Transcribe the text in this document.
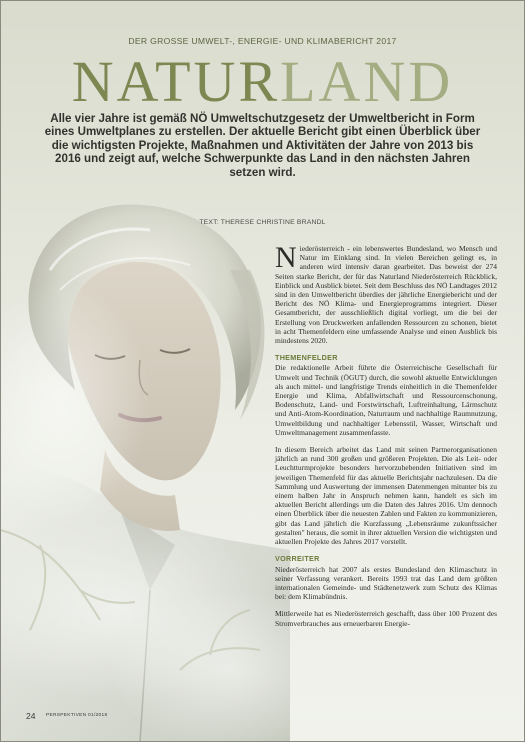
DER GROSSE UMWELT-, ENERGIE- UND KLIMABERICHT 2017
NATURLAND
Alle vier Jahre ist gemäß NÖ Umweltschutzgesetz der Umweltbericht in Form eines Umweltplanes zu erstellen. Der aktuelle Bericht gibt einen Überblick über die wichtigsten Projekte, Maßnahmen und Aktivitäten der Jahre von 2013 bis 2016 und zeigt auf, welche Schwerpunkte das Land in den nächsten Jahren setzen wird.
TEXT: THERESE CHRISTINE BRANDL

Niederösterreich - ein lebenswertes Bundesland, wo Mensch und Natur im Einklang sind. In vielen Bereichen gelingt es, in anderen wird intensiv daran gearbeitet. Das beweist der 274 Seiten starke Bericht, der für das Naturland Niederösterreich Rückblick, Einblick und Ausblick bietet. Seit dem Beschluss des NÖ Landtages 2012 sind in den Umweltbericht überdies der jährliche Energiebericht und der Bericht des NÖ Klima- und Energieprogramms integriert. Dieser Gesamtbericht, der ausschließlich digital vorliegt, um die bei der Erstellung von Druckwerken anfallenden Ressourcen zu schonen, bietet in acht Themenfeldern eine umfassende Analyse und einen Ausblick bis mindestens 2020.

THEMENFELDER

Die redaktionelle Arbeit führte die Österreichische Gesellschaft für Umwelt und Technik (ÖGUT) durch, die sowohl aktuelle Entwicklungen als auch mittel- und langfristige Trends einheitlich in die Themenfelder Energie und Klima, Abfallwirtschaft und Ressourcenschonung, Bodenschutz, Land- und Forstwirtschaft, Luftreinhaltung, Lärmschutz und Anti-Atom-Koordination, Naturraum und nachhaltige Raumnutzung, Umweltbildung und nachhaltiger Lebensstil, Wasser, Wirtschaft und Umweltmanagement zusammenfasste.

In diesem Bereich arbeitet das Land mit seinen Partnerorganisationen jährlich an rund 300 großen und größeren Projekten. Die als Leit- oder Leuchtturmprojekte besonders hervorzuhebenden Initiativen sind im jeweiligen Themenfeld für das aktuelle Berichtsjahr nachzulesen. Da die Sammlung und Auswertung der immensen Datenmengen mitunter bis zu einem halben Jahr in Anspruch nehmen kann, handelt es sich im aktuellen Bericht allerdings um die Daten des Jahres 2016. Um dennoch einen Überblick über die neuesten Zahlen und Fakten zu kommunizieren, gibt das Land jährlich die Kurzfassung „Lebensräume zukunftssicher gestalten" heraus, die somit in ihrer aktuellen Version die wichtigsten und aktuellen Projekte des Jahres 2017 vorstellt.

VORREITER

Niederösterreich hat 2007 als erstes Bundesland den Klimaschutz in seiner Verfassung verankert. Bereits 1993 trat das Land dem größten internationalen Gemeinde- und Städtenetzwerk zum Schutz des Klimas bei: dem Klimabündnis.

Mittlerweile hat es Niederösterreich geschafft, dass über 100 Prozent des Stromverbrauches aus erneuerbaren Energie-

24 PERSPEKTIVEN 01/2018
